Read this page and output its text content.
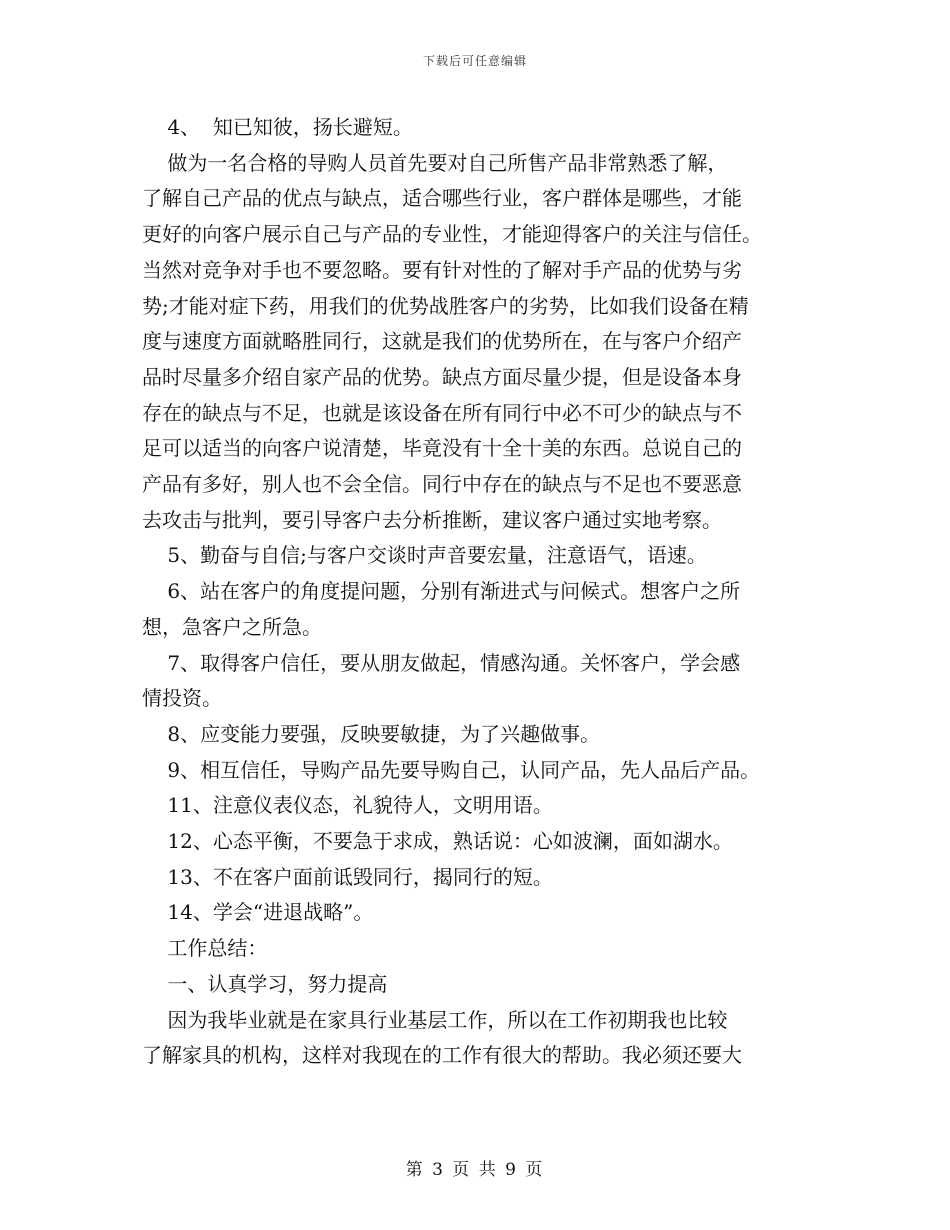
下载后可任意编辑

4、  知已知彼，扬长避短。

做为一名合格的导购人员首先要对自己所售产品非常熟悉了解，

了解自己产品的优点与缺点，适合哪些行业，客户群体是哪些，才能

更好的向客户展示自己与产品的专业性，才能迎得客户的关注与信任。

当然对竞争对手也不要忽略。要有针对性的了解对手产品的优势与劣

势;才能对症下药，用我们的优势战胜客户的劣势，比如我们设备在精

度与速度方面就略胜同行，这就是我们的优势所在，在与客户介绍产

品时尽量多介绍自家产品的优势。缺点方面尽量少提，但是设备本身

存在的缺点与不足，也就是该设备在所有同行中必不可少的缺点与不

足可以适当的向客户说清楚，毕竟没有十全十美的东西。总说自己的

产品有多好，别人也不会全信。同行中存在的缺点与不足也不要恶意

去攻击与批判，要引导客户去分析推断，建议客户通过实地考察。

5、勤奋与自信;与客户交谈时声音要宏量，注意语气，语速。

6、站在客户的角度提问题，分别有渐进式与问候式。想客户之所

想，急客户之所急。

7、取得客户信任，要从朋友做起，情感沟通。关怀客户，学会感

情投资。

8、应变能力要强，反映要敏捷，为了兴趣做事。

9、相互信任，导购产品先要导购自己，认同产品，先人品后产品。

11、注意仪表仪态，礼貌待人，文明用语。

12、心态平衡，不要急于求成，熟话说：心如波澜，面如湖水。

13、不在客户面前诋毁同行，揭同行的短。

14、学会“进退战略”。

工作总结：

一、认真学习，努力提高

因为我毕业就是在家具行业基层工作，所以在工作初期我也比较

了解家具的机构，这样对我现在的工作有很大的帮助。我必须还要大

第 3 页 共 9 页
